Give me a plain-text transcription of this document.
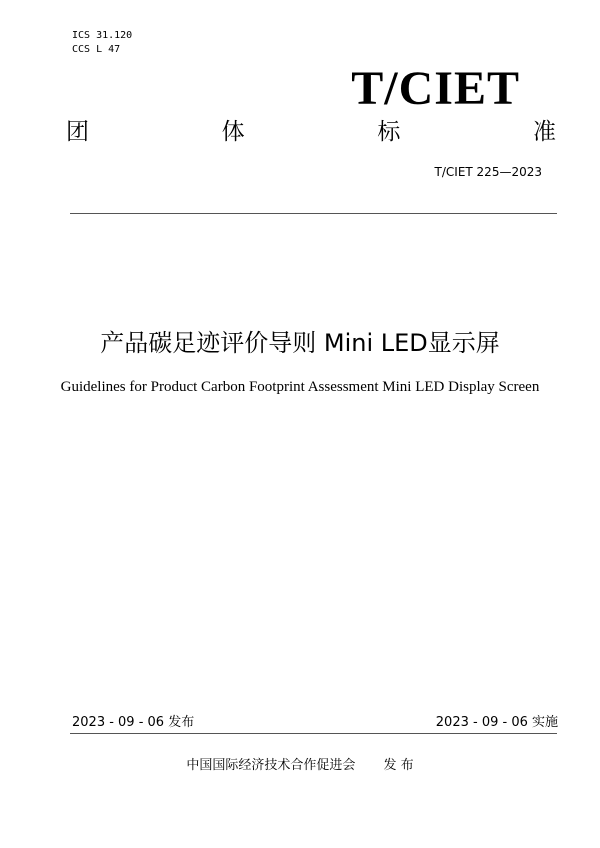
ICS 31.120
CCS L 47
T/CIET
团	体	标	准
T/CIET 225—2023
产品碳足迹评价导则 Mini LED显示屏
Guidelines for Product Carbon Footprint Assessment Mini LED Display Screen
2023 - 09 - 06 发布	2023 - 09 - 06 实施
中国国际经济技术合作促进会 发 布
